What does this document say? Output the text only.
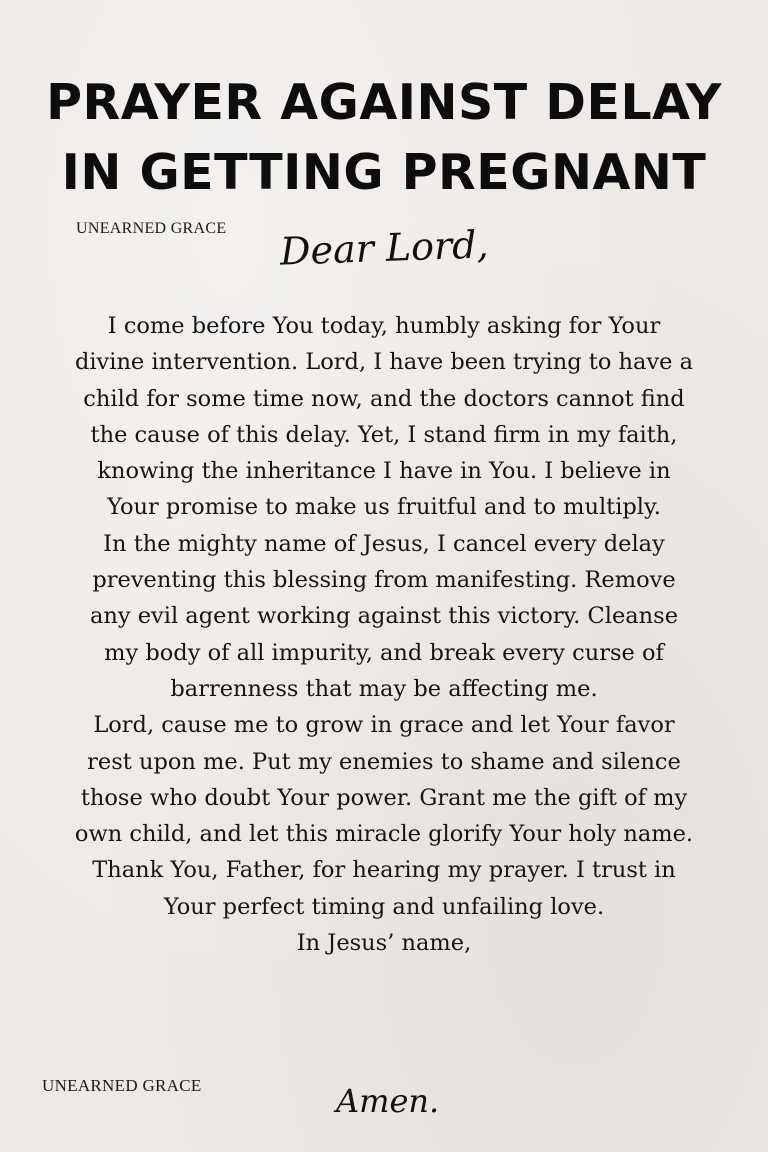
PRAYER AGAINST DELAY
IN GETTING PREGNANT
UNEARNED GRACE Dear Lord,

I come before You today, humbly asking for Your divine intervention. Lord, I have been trying to have a child for some time now, and the doctors cannot find the cause of this delay. Yet, I stand firm in my faith, knowing the inheritance I have in You. I believe in Your promise to make us fruitful and to multiply.

In the mighty name of Jesus, I cancel every delay preventing this blessing from manifesting. Remove any evil agent working against this victory. Cleanse my body of all impurity, and break every curse of barrenness that may be affecting me.

Lord, cause me to grow in grace and let Your favor rest upon me. Put my enemies to shame and silence those who doubt Your power. Grant me the gift of my own child, and let this miracle glorify Your holy name.

Thank You, Father, for hearing my prayer. I trust in Your perfect timing and unfailing love.

In Jesus’ name,

UNEARNED GRACE	Amen.
